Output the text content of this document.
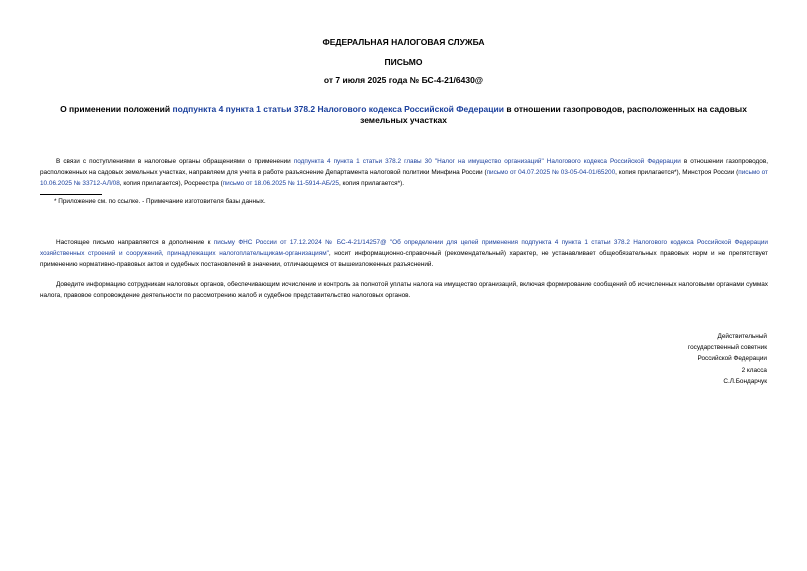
ФЕДЕРАЛЬНАЯ НАЛОГОВАЯ СЛУЖБА
ПИСЬМО
от 7 июля 2025 года № БС-4-21/6430@
О применении положений подпункта 4 пункта 1 статьи 378.2 Налогового кодекса Российской Федерации в отношении газопроводов, расположенных на садовых земельных участках
В связи с поступлениями в налоговые органы обращениями о применении подпункта 4 пункта 1 статьи 378.2 главы 30 "Налог на имущество организаций" Налогового кодекса Российской Федерации в отношении газопроводов, расположенных на садовых земельных участках, направляем для учета в работе разъяснение Департамента налоговой политики Минфина России (письмо от 04.07.2025 № 03-05-04-01/65200, копия прилагается*), Минстроя России (письмо от 10.06.2025 № 33712-АЛ/08, копия прилагается), Росреестра (письмо от 18.06.2025 № 11-5914-АБ/25, копия прилагается*).
* Приложение см. по ссылке. - Примечание изготовителя базы данных.
Настоящее письмо направляется в дополнение к письму ФНС России от 17.12.2024 № БС-4-21/14257@ "Об определении для целей применения подпункта 4 пункта 1 статьи 378.2 Налогового кодекса Российской Федерации хозяйственных строений и сооружений, принадлежащих налогоплательщикам-организациям", носит информационно-справочный (рекомендательный) характер, не устанавливает общеобязательных правовых норм и не препятствует применению нормативно-правовых актов и судебных постановлений в значении, отличающемся от вышеизложенных разъяснений.
Доведите информацию сотрудникам налоговых органов, обеспечивающим исчисление и контроль за полнотой уплаты налога на имущество организаций, включая формирование сообщений об исчисленных налоговыми органами суммах налога, правовое сопровождение деятельности по рассмотрению жалоб и судебное представительство налоговых органов.
Действительный
государственный советник
Российской Федерации
2 класса
С.Л.Бондарчук
